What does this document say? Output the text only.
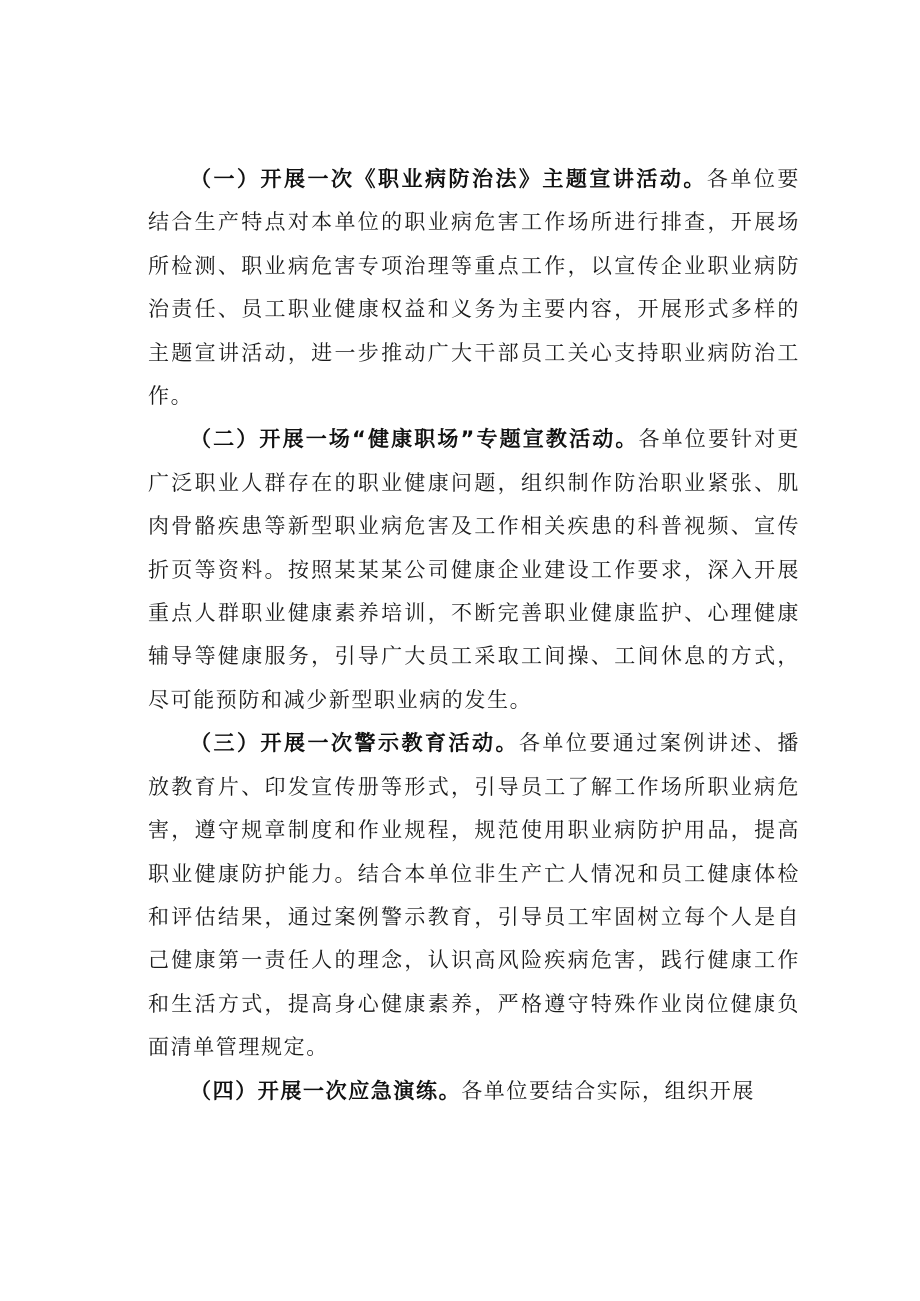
（一）开展一次《职业病防治法》主题宣讲活动。各单位要结合生产特点对本单位的职业病危害工作场所进行排查，开展场所检测、职业病危害专项治理等重点工作，以宣传企业职业病防治责任、员工职业健康权益和义务为主要内容，开展形式多样的主题宣讲活动，进一步推动广大干部员工关心支持职业病防治工作。

（二）开展一场“健康职场”专题宣教活动。各单位要针对更广泛职业人群存在的职业健康问题，组织制作防治职业紧张、肌肉骨骼疾患等新型职业病危害及工作相关疾患的科普视频、宣传折页等资料。按照某某某公司健康企业建设工作要求，深入开展重点人群职业健康素养培训，不断完善职业健康监护、心理健康辅导等健康服务，引导广大员工采取工间操、工间休息的方式，尽可能预防和减少新型职业病的发生。

（三）开展一次警示教育活动。各单位要通过案例讲述、播放教育片、印发宣传册等形式，引导员工了解工作场所职业病危害，遵守规章制度和作业规程，规范使用职业病防护用品，提高职业健康防护能力。结合本单位非生产亡人情况和员工健康体检和评估结果，通过案例警示教育，引导员工牢固树立每个人是自己健康第一责任人的理念，认识高风险疾病危害，践行健康工作和生活方式，提高身心健康素养，严格遵守特殊作业岗位健康负面清单管理规定。

（四）开展一次应急演练。各单位要结合实际，组织开展
